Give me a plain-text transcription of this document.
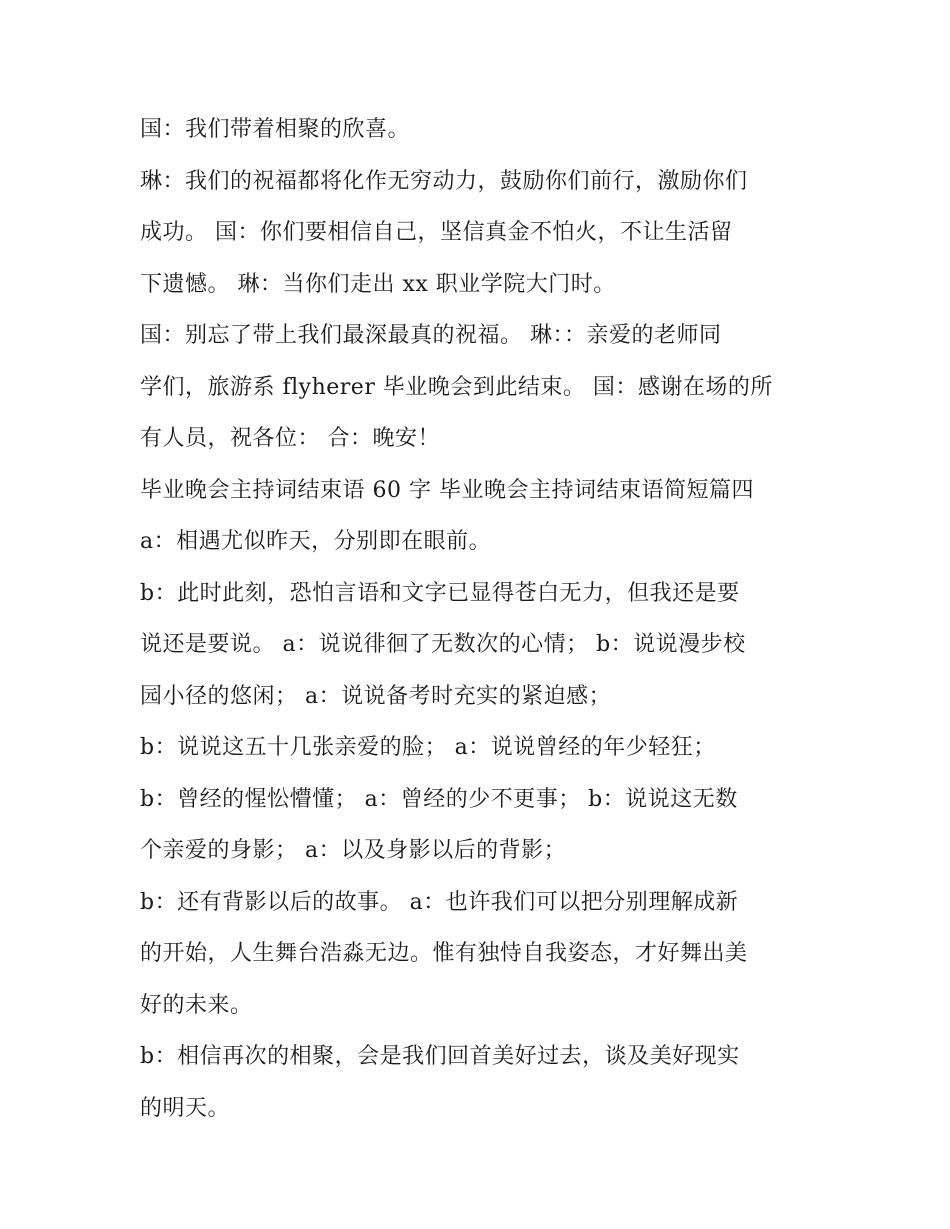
国：我们带着相聚的欣喜。
琳：我们的祝福都将化作无穷动力，鼓励你们前行，激励你们
成功。 国：你们要相信自己，坚信真金不怕火，不让生活留
下遗憾。 琳：当你们走出 xx 职业学院大门时。
国：别忘了带上我们最深最真的祝福。 琳：：亲爱的老师同
学们，旅游系 flyherer 毕业晚会到此结束。 国：感谢在场的所
有人员，祝各位： 合：晚安！
毕业晚会主持词结束语 60 字 毕业晚会主持词结束语简短篇四
a：相遇尤似昨天，分别即在眼前。
b：此时此刻，恐怕言语和文字已显得苍白无力，但我还是要
说还是要说。 a：说说徘徊了无数次的心情； b：说说漫步校
园小径的悠闲； a：说说备考时充实的紧迫感；
b：说说这五十几张亲爱的脸； a：说说曾经的年少轻狂；
b：曾经的惺忪懵懂； a：曾经的少不更事； b：说说这无数
个亲爱的身影； a：以及身影以后的背影；
b：还有背影以后的故事。 a：也许我们可以把分别理解成新
的开始，人生舞台浩淼无边。惟有独恃自我姿态，才好舞出美
好的未来。
b：相信再次的相聚，会是我们回首美好过去，谈及美好现实
的明天。
